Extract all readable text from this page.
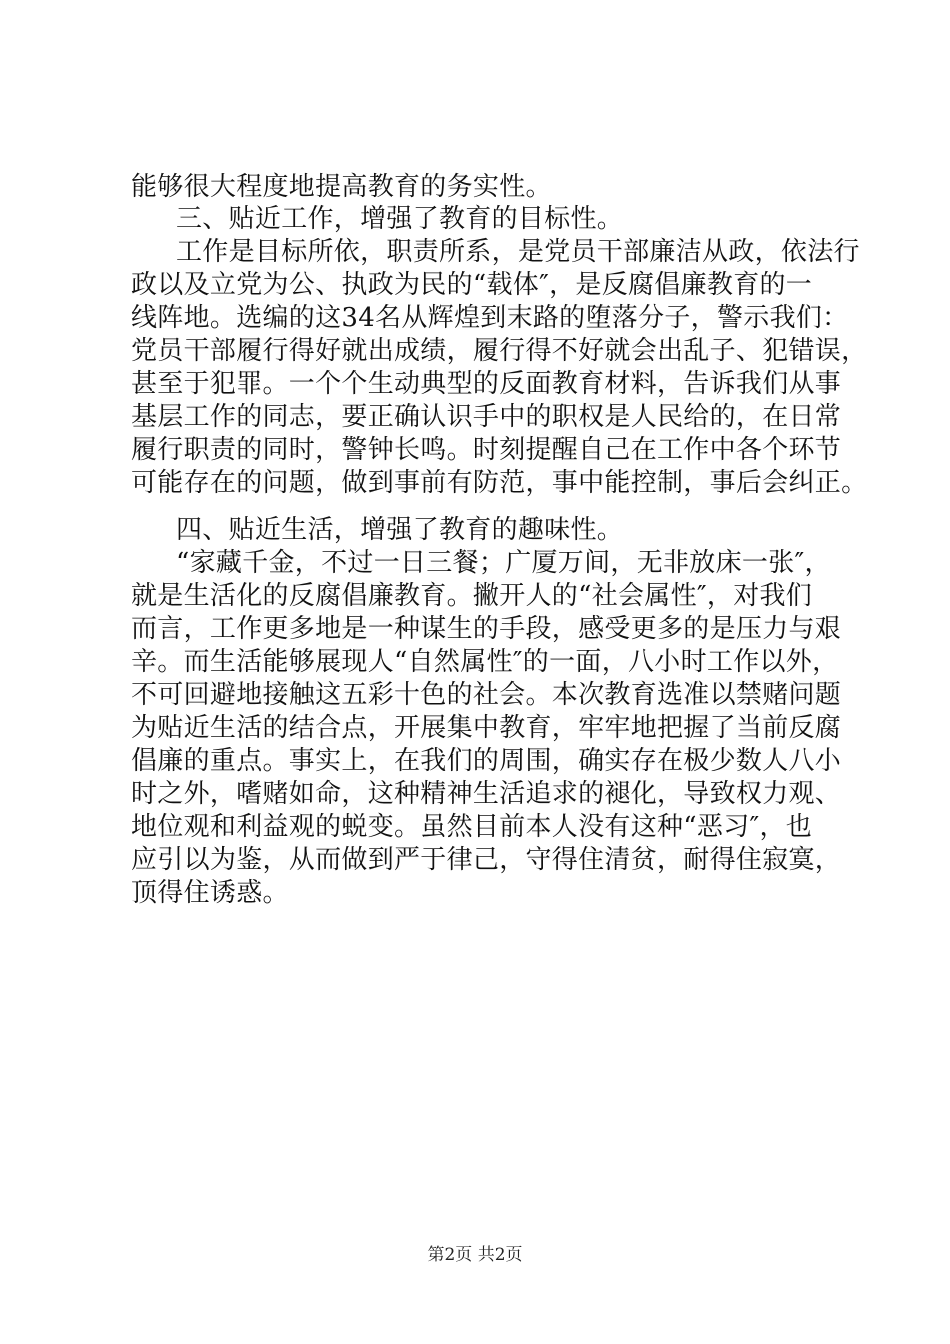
能够很大程度地提高教育的务实性。
三、贴近工作，增强了教育的目标性。
工作是目标所依，职责所系，是党员干部廉洁从政，依法行
政以及立党为公、执政为民的“载体″，是反腐倡廉教育的一
线阵地。选编的这34名从辉煌到末路的堕落分子，警示我们：
党员干部履行得好就出成绩，履行得不好就会出乱子、犯错误，
甚至于犯罪。一个个生动典型的反面教育材料，告诉我们从事
基层工作的同志，要正确认识手中的职权是人民给的，在日常
履行职责的同时，警钟长鸣。时刻提醒自己在工作中各个环节
可能存在的问题，做到事前有防范，事中能控制，事后会纠正。
四、贴近生活，增强了教育的趣味性。
“家藏千金，不过一日三餐；广厦万间，无非放床一张″，
就是生活化的反腐倡廉教育。撇开人的“社会属性″，对我们
而言，工作更多地是一种谋生的手段，感受更多的是压力与艰
辛。而生活能够展现人“自然属性″的一面，八小时工作以外，
不可回避地接触这五彩十色的社会。本次教育选准以禁赌问题
为贴近生活的结合点，开展集中教育，牢牢地把握了当前反腐
倡廉的重点。事实上，在我们的周围，确实存在极少数人八小
时之外，嗜赌如命，这种精神生活追求的褪化，导致权力观、
地位观和利益观的蜕变。虽然目前本人没有这种“恶习″，也
应引以为鉴，从而做到严于律己，守得住清贫，耐得住寂寞，
顶得住诱惑。
第2页 共2页
